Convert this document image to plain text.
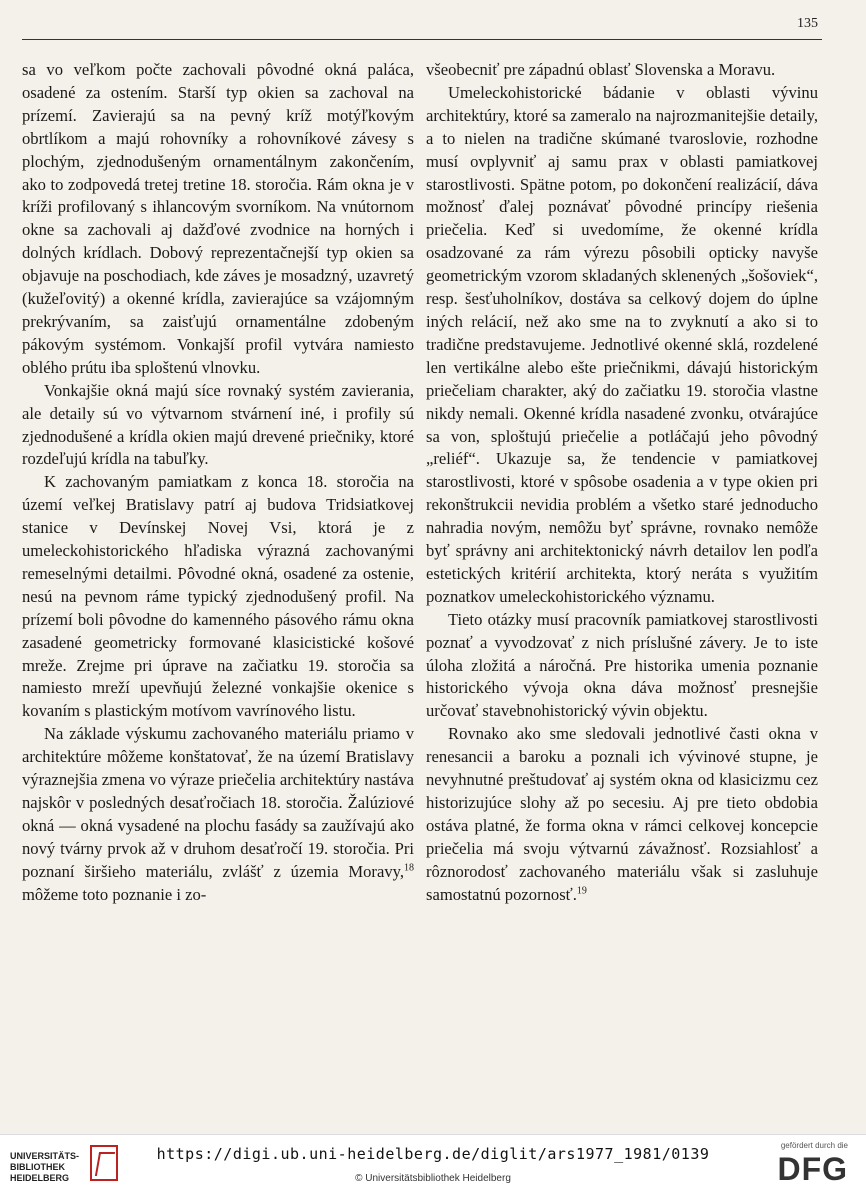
135

sa vo veľkom počte zachovali pôvodné okná paláca, osadené za ostením. Starší typ okien sa zachoval na prízemí. Zavierajú sa na pevný kríž motýľkovým obrtlíkom a majú rohovníky a rohovníkové závesy s plochým, zjednodušeným ornamentálnym zakončením, ako to zodpovedá tretej tretine 18. storočia. Rám okna je v kríži profilovaný s ihlancovým svorníkom. Na vnútornom okne sa zachovali aj dažďové zvodnice na horných i dolných krídlach. Dobový reprezentačnejší typ okien sa objavuje na poschodiach, kde záves je mosadzný, uzavretý (kužeľovitý) a okenné krídla, zavierajúce sa vzájomným prekrývaním, sa zaisťujú ornamentálne zdobeným pákovým systémom. Vonkajší profil vytvára namiesto oblého prútu iba sploštenú vlnovku.

Vonkajšie okná majú síce rovnaký systém zavierania, ale detaily sú vo výtvarnom stvárnení iné, i profily sú zjednodušené a krídla okien majú drevené priečniky, ktoré rozdeľujú krídla na tabuľky.

K zachovaným pamiatkam z konca 18. storočia na území veľkej Bratislavy patrí aj budova Tridsiatkovej stanice v Devínskej Novej Vsi, ktorá je z umeleckohistorického hľadiska výrazná zachovanými remeselnými detailmi. Pôvodné okná, osadené za ostenie, nesú na pevnom ráme typický zjednodušený profil. Na prízemí boli pôvodne do kamenného pásového rámu okna zasadené geometricky formované klasicistické košové mreže. Zrejme pri úprave na začiatku 19. storočia sa namiesto mreží upevňujú železné vonkajšie okenice s kovaním s plastickým motívom vavrínového listu.

Na základe výskumu zachovaného materiálu priamo v architektúre môžeme konštatovať, že na území Bratislavy výraznejšia zmena vo výraze priečelia architektúry nastáva najskôr v posledných desaťročiach 18. storočia. Žalúziové okná — okná vysadené na plochu fasády sa zaužívajú ako nový tvárny prvok až v druhom desaťročí 19. storočia. Pri poznaní širšieho materiálu, zvlášť z územia Moravy,$^{18}$ môžeme toto poznanie i zo-

všeobecniť pre západnú oblasť Slovenska a Moravu.

Umeleckohistorické bádanie v oblasti vývinu architektúry, ktoré sa zameralo na najrozmanitejšie detaily, a to nielen na tradične skúmané tvaroslovie, rozhodne musí ovplyvniť aj samu prax v oblasti pamiatkovej starostlivosti. Spätne potom, po dokončení realizácií, dáva možnosť ďalej poznávať pôvodné princípy riešenia priečelia. Keď si uvedomíme, že okenné krídla osadzované za rám výrezu pôsobili opticky navyše geometrickým vzorom skladaných sklenených „šošoviek“, resp. šesťuholníkov, dostáva sa celkový dojem do úplne iných relácií, než ako sme na to zvyknutí a ako si to tradične predstavujeme. Jednotlivé okenné sklá, rozdelené len vertikálne alebo ešte priečnikmi, dávajú historickým priečeliam charakter, aký do začiatku 19. storočia vlastne nikdy nemali. Okenné krídla nasadené zvonku, otvárajúce sa von, sploštujú priečelie a potláčajú jeho pôvodný „reliéf“. Ukazuje sa, že tendencie v pamiatkovej starostlivosti, ktoré v spôsobe osadenia a v type okien pri rekonštrukcii nevidia problém a všetko staré jednoducho nahradia novým, nemôžu byť správne, rovnako nemôže byť správny ani architektonický návrh detailov len podľa estetických kritérií architekta, ktorý neráta s využitím poznatkov umeleckohistorického významu.

Tieto otázky musí pracovník pamiatkovej starostlivosti poznať a vyvodzovať z nich príslušné závery. Je to iste úloha zložitá a náročná. Pre historika umenia poznanie historického vývoja okna dáva možnosť presnejšie určovať stavebnohistorický vývin objektu.

Rovnako ako sme sledovali jednotlivé časti okna v renesancii a baroku a poznali ich vývinové stupne, je nevyhnutné preštudovať aj systém okna od klasicizmu cez historizujúce slohy až po secesiu. Aj pre tieto obdobia ostáva platné, že forma okna v rámci celkovej koncepcie priečelia má svoju výtvarnú závažnosť. Rozsiahlosť a rôznorodosť zachovaného materiálu však si zasluhuje samostatnú pozornosť.$^{19}$

UNIVERSITÄTS-
BIBLIOTHEK
HEIDELBERG
https://digi.ub.uni-heidelberg.de/diglit/ars1977_1981/0139
© Universitätsbibliothek Heidelberg
gefördert durch die
DFG
